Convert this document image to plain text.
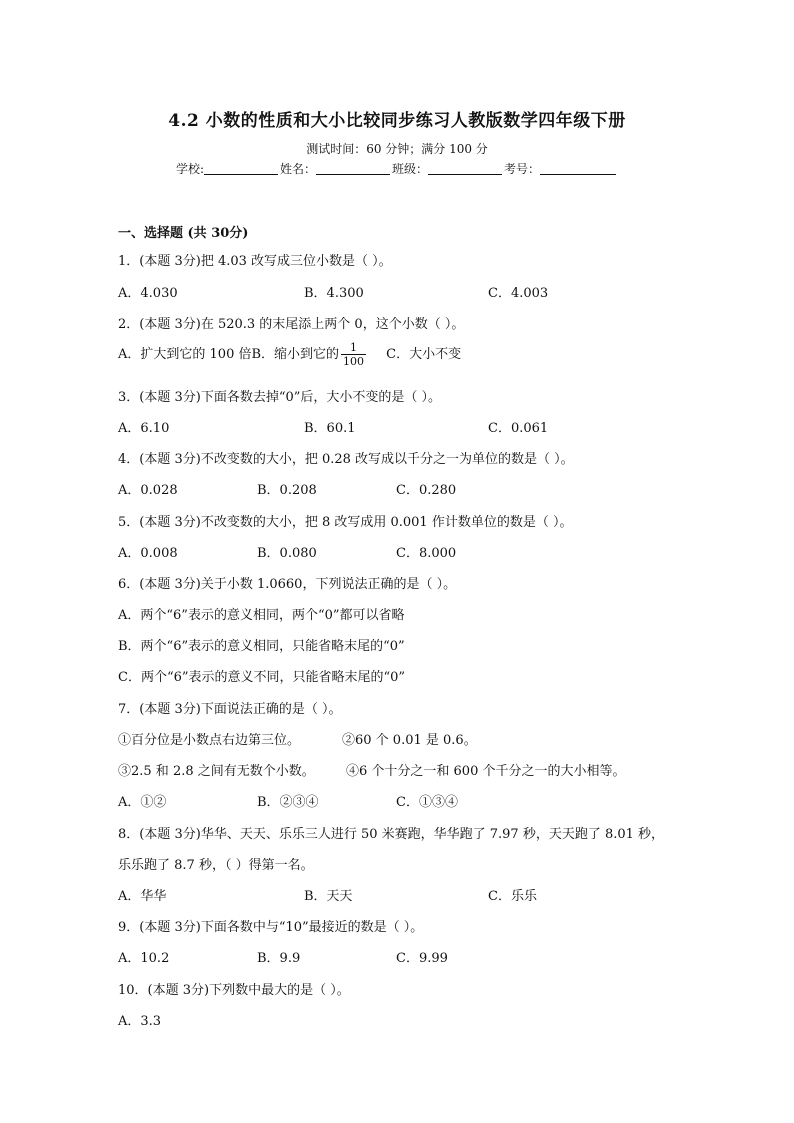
4.2 小数的性质和大小比较同步练习人教版数学四年级下册
测试时间：60 分钟；满分 100 分
学校:	姓名：	班级：	考号：
一、选择题 (共 30分)
1．(本题 3分)把 4.03 改写成三位小数是（ ）。
A．4.030	B．4.300	C．4.003
2．(本题 3分)在 520.3 的末尾添上两个 0，这个小数（ ）。
A．扩大到它的 100 倍B．缩小到它的 $\frac{1}{100}$ C．大小不变
3．(本题 3分)下面各数去掉“0”后，大小不变的是（ ）。
A．6.10	B．60.1	C．0.061
4．(本题 3分)不改变数的大小，把 0.28 改写成以千分之一为单位的数是（ ）。
A．0.028	B．0.208	C．0.280
5．(本题 3分)不改变数的大小，把 8 改写成用 0.001 作计数单位的数是（ ）。
A．0.008	B．0.080	C．8.000
6．(本题 3分)关于小数 1.0660，下列说法正确的是（ ）。
A．两个“6”表示的意义相同，两个“0”都可以省略
B．两个“6”表示的意义相同，只能省略末尾的“0”
C．两个“6”表示的意义不同，只能省略末尾的“0”
7．(本题 3分)下面说法正确的是（ ）。
①百分位是小数点右边第三位。	②60 个 0.01 是 0.6。
③2.5 和 2.8 之间有无数个小数。 ④6 个十分之一和 600 个千分之一的大小相等。
A．①②	B．②③④	C．①③④
8．(本题 3分)华华、天天、乐乐三人进行 50 米赛跑，华华跑了 7.97 秒，天天跑了 8.01 秒，
乐乐跑了 8.7 秒，（ ）得第一名。
A．华华	B．天天	C．乐乐
9．(本题 3分)下面各数中与“10”最接近的数是（ ）。
A．10.2	B．9.9	C．9.99
10．(本题 3分)下列数中最大的是（ ）。
A．3.3
